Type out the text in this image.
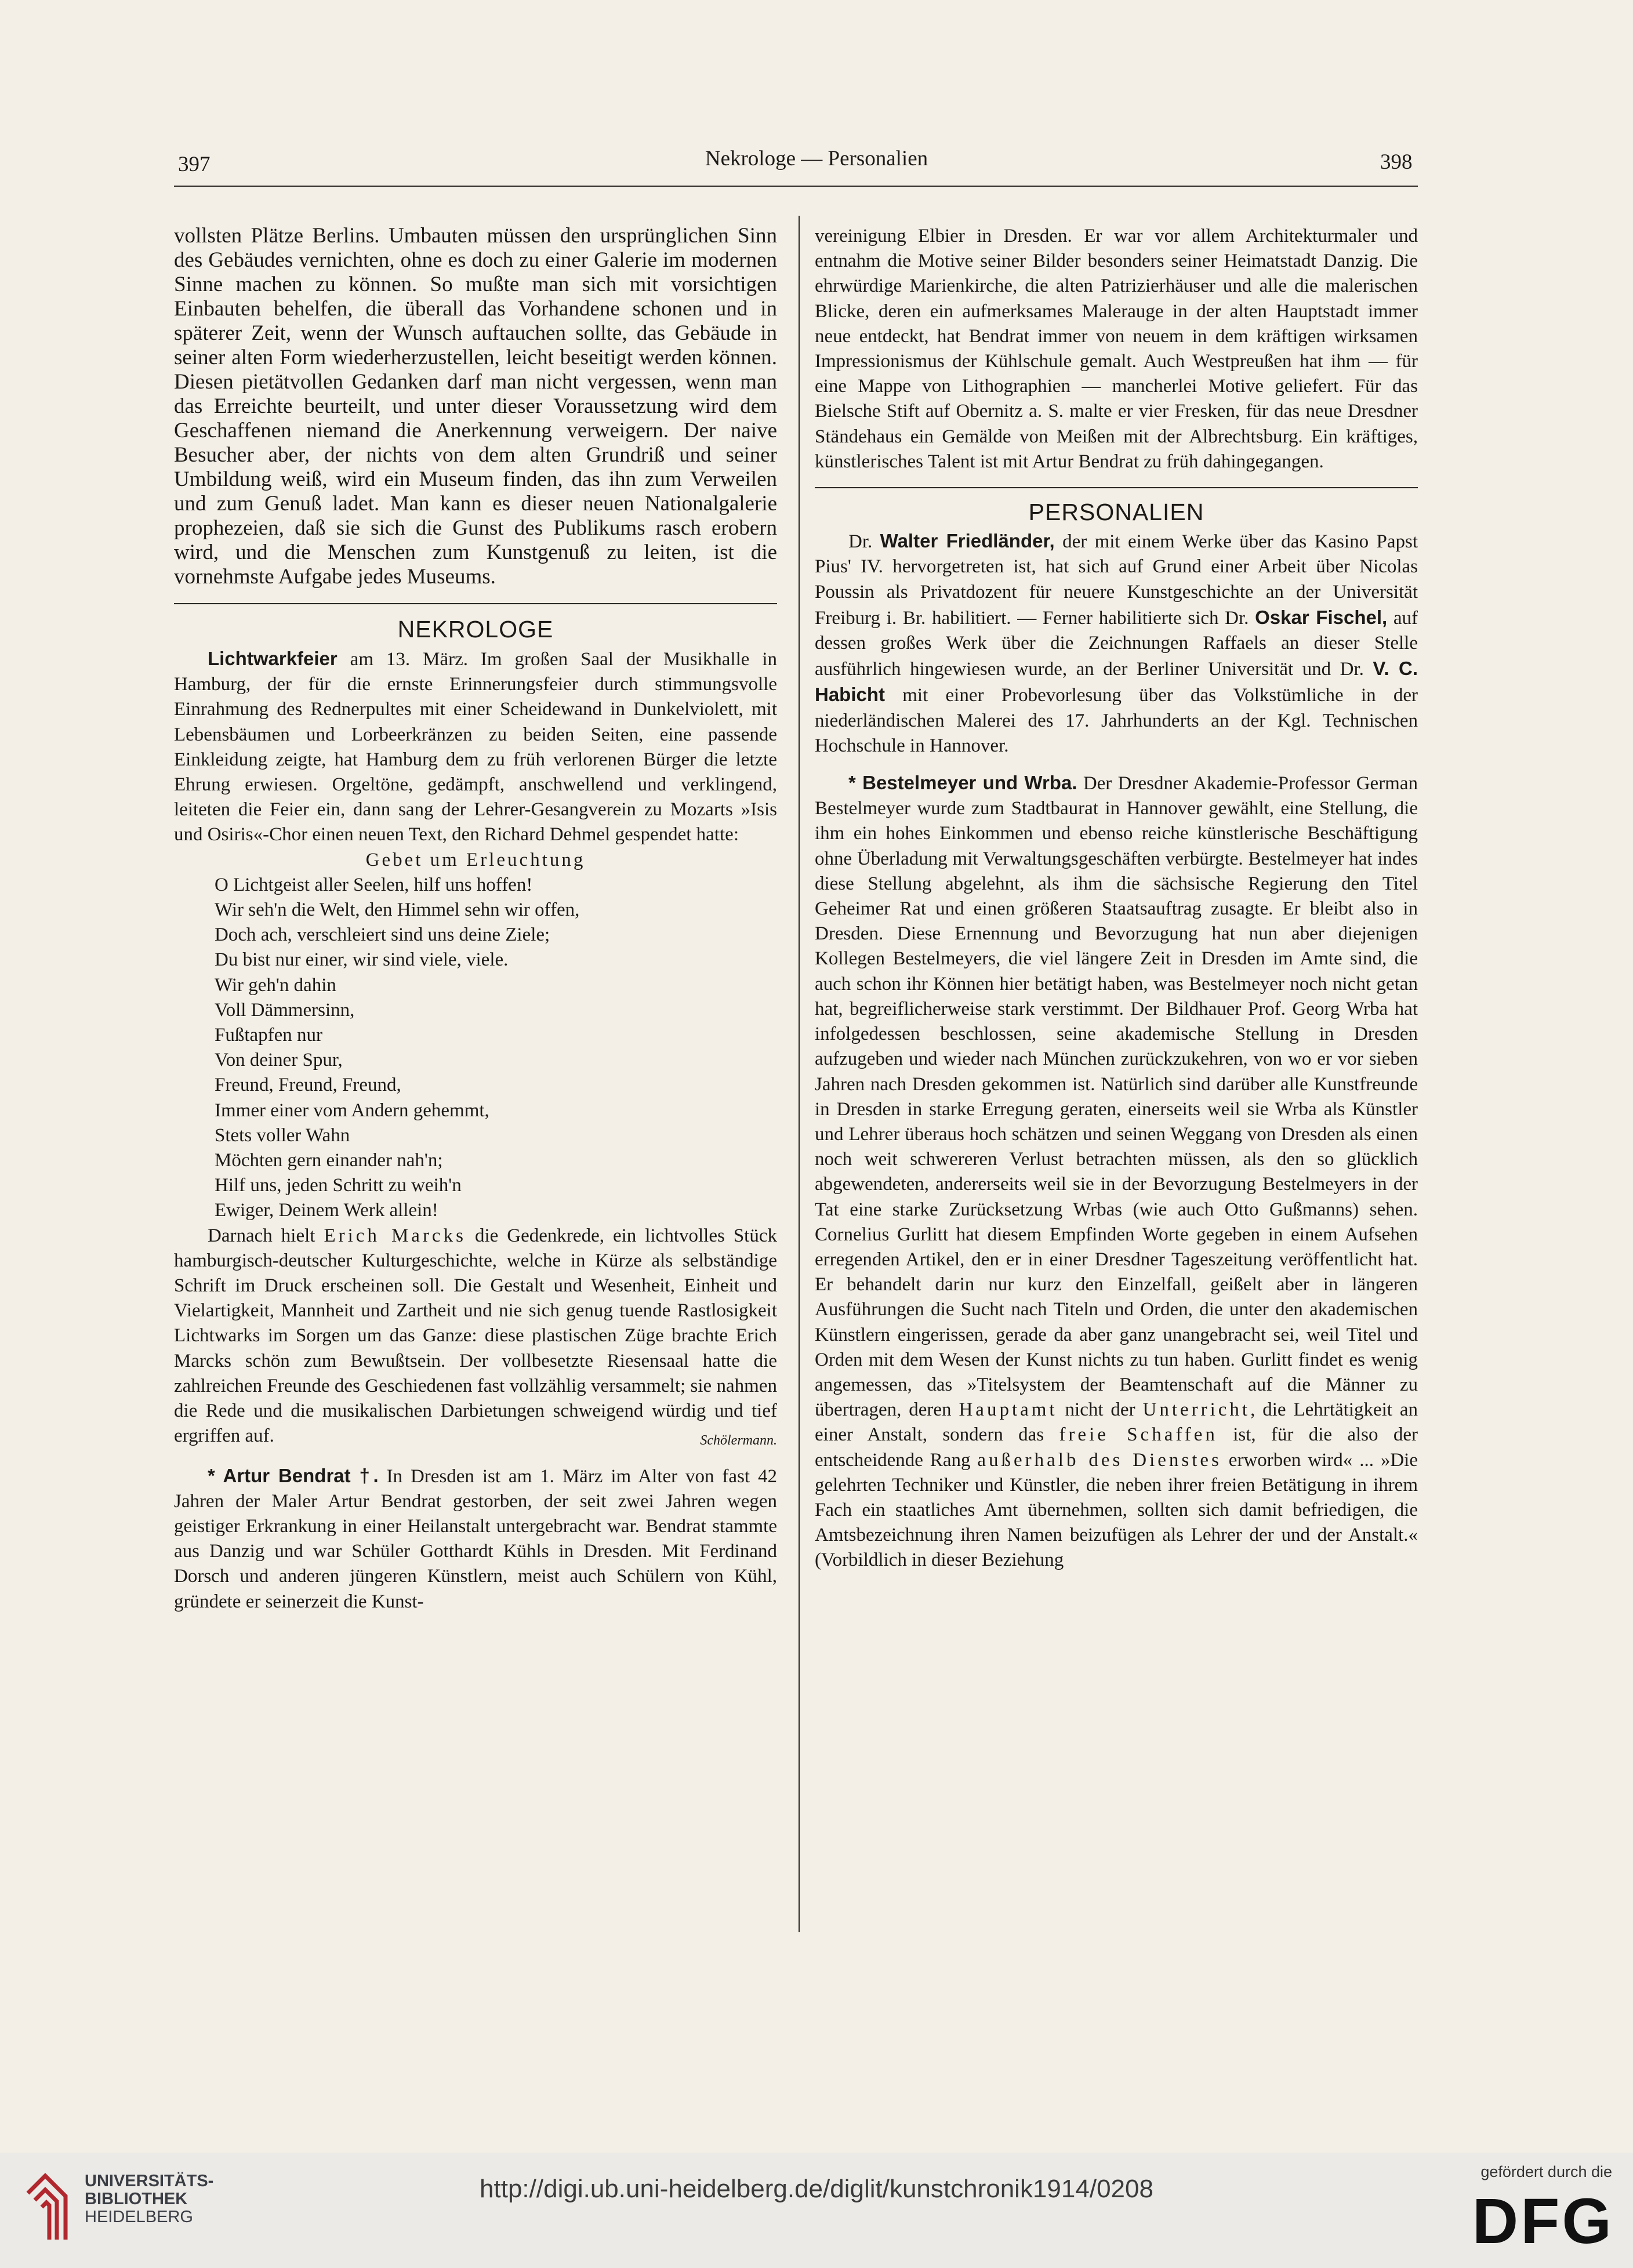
397	Nekrologe — Personalien	398
vollsten Plätze Berlins. Umbauten müssen den ursprünglichen Sinn des Gebäudes vernichten, ohne es doch zu einer Galerie im modernen Sinne machen zu können. So mußte man sich mit vorsichtigen Einbauten behelfen, die überall das Vorhandene schonen und in späterer Zeit, wenn der Wunsch auftauchen sollte, das Gebäude in seiner alten Form wiederherzustellen, leicht beseitigt werden können. Diesen pietätvollen Gedanken darf man nicht vergessen, wenn man das Erreichte beurteilt, und unter dieser Voraussetzung wird dem Geschaffenen niemand die Anerkennung verweigern. Der naive Besucher aber, der nichts von dem alten Grundriß und seiner Umbildung weiß, wird ein Museum finden, das ihn zum Verweilen und zum Genuß ladet. Man kann es dieser neuen Nationalgalerie prophezeien, daß sie sich die Gunst des Publikums rasch erobern wird, und die Menschen zum Kunstgenuß zu leiten, ist die vornehmste Aufgabe jedes Museums.
NEKROLOGE
Lichtwarkfeier am 13. März. Im großen Saal der Musikhalle in Hamburg, der für die ernste Erinnerungsfeier durch stimmungsvolle Einrahmung des Rednerpultes mit einer Scheidewand in Dunkelviolett, mit Lebensbäumen und Lorbeerkränzen zu beiden Seiten, eine passende Einkleidung zeigte, hat Hamburg dem zu früh verlorenen Bürger die letzte Ehrung erwiesen. Orgeltöne, gedämpft, anschwellend und verklingend, leiteten die Feier ein, dann sang der Lehrer-Gesangverein zu Mozarts »Isis und Osiris«-Chor einen neuen Text, den Richard Dehmel gespendet hatte:
Gebet um Erleuchtung
O Lichtgeist aller Seelen, hilf uns hoffen!
Wir seh'n die Welt, den Himmel sehn wir offen,
Doch ach, verschleiert sind uns deine Ziele;
Du bist nur einer, wir sind viele, viele.
Wir geh'n dahin
Voll Dämmersinn,
Fußtapfen nur
Von deiner Spur,
Freund, Freund, Freund,
Immer einer vom Andern gehemmt,
Stets voller Wahn
Möchten gern einander nah'n;
Hilf uns, jeden Schritt zu weih'n
Ewiger, Deinem Werk allein!
Darnach hielt Erich Marcks die Gedenkrede, ein lichtvolles Stück hamburgisch-deutscher Kulturgeschichte, welche in Kürze als selbständige Schrift im Druck erscheinen soll. Die Gestalt und Wesenheit, Einheit und Vielartigkeit, Mannheit und Zartheit und nie sich genug tuende Rastlosigkeit Lichtwarks im Sorgen um das Ganze: diese plastischen Züge brachte Erich Marcks schön zum Bewußtsein. Der vollbesetzte Riesensaal hatte die zahlreichen Freunde des Geschiedenen fast vollzählig versammelt; sie nahmen die Rede und die musikalischen Darbietungen schweigend würdig und tief ergriffen auf.	Schölermann.
* Artur Bendrat †. In Dresden ist am 1. März im Alter von fast 42 Jahren der Maler Artur Bendrat gestorben, der seit zwei Jahren wegen geistiger Erkrankung in einer Heilanstalt untergebracht war. Bendrat stammte aus Danzig und war Schüler Gotthardt Kühls in Dresden. Mit Ferdinand Dorsch und anderen jüngeren Künstlern, meist auch Schülern von Kühl, gründete er seinerzeit die Kunst-
vereinigung Elbier in Dresden. Er war vor allem Architekturmaler und entnahm die Motive seiner Bilder besonders seiner Heimatstadt Danzig. Die ehrwürdige Marienkirche, die alten Patrizierhäuser und alle die malerischen Blicke, deren ein aufmerksames Malerauge in der alten Hauptstadt immer neue entdeckt, hat Bendrat immer von neuem in dem kräftigen wirksamen Impressionismus der Kühlschule gemalt. Auch Westpreußen hat ihm — für eine Mappe von Lithographien — mancherlei Motive geliefert. Für das Bielsche Stift auf Obernitz a. S. malte er vier Fresken, für das neue Dresdner Ständehaus ein Gemälde von Meißen mit der Albrechtsburg. Ein kräftiges, künstlerisches Talent ist mit Artur Bendrat zu früh dahingegangen.
PERSONALIEN
Dr. Walter Friedländer, der mit einem Werke über das Kasino Papst Pius' IV. hervorgetreten ist, hat sich auf Grund einer Arbeit über Nicolas Poussin als Privatdozent für neuere Kunstgeschichte an der Universität Freiburg i. Br. habilitiert. — Ferner habilitierte sich Dr. Oskar Fischel, auf dessen großes Werk über die Zeichnungen Raffaels an dieser Stelle ausführlich hingewiesen wurde, an der Berliner Universität und Dr. V. C. Habicht mit einer Probevorlesung über das Volkstümliche in der niederländischen Malerei des 17. Jahrhunderts an der Kgl. Technischen Hochschule in Hannover.
* Bestelmeyer und Wrba. Der Dresdner Akademie-Professor German Bestelmeyer wurde zum Stadtbaurat in Hannover gewählt, eine Stellung, die ihm ein hohes Einkommen und ebenso reiche künstlerische Beschäftigung ohne Überladung mit Verwaltungsgeschäften verbürgte. Bestelmeyer hat indes diese Stellung abgelehnt, als ihm die sächsische Regierung den Titel Geheimer Rat und einen größeren Staatsauftrag zusagte. Er bleibt also in Dresden. Diese Ernennung und Bevorzugung hat nun aber diejenigen Kollegen Bestelmeyers, die viel längere Zeit in Dresden im Amte sind, die auch schon ihr Können hier betätigt haben, was Bestelmeyer noch nicht getan hat, begreiflicherweise stark verstimmt. Der Bildhauer Prof. Georg Wrba hat infolgedessen beschlossen, seine akademische Stellung in Dresden aufzugeben und wieder nach München zurückzukehren, von wo er vor sieben Jahren nach Dresden gekommen ist. Natürlich sind darüber alle Kunstfreunde in Dresden in starke Erregung geraten, einerseits weil sie Wrba als Künstler und Lehrer überaus hoch schätzen und seinen Weggang von Dresden als einen noch weit schwereren Verlust betrachten müssen, als den so glücklich abgewendeten, andererseits weil sie in der Bevorzugung Bestelmeyers in der Tat eine starke Zurücksetzung Wrbas (wie auch Otto Gußmanns) sehen. Cornelius Gurlitt hat diesem Empfinden Worte gegeben in einem Aufsehen erregenden Artikel, den er in einer Dresdner Tageszeitung veröffentlicht hat. Er behandelt darin nur kurz den Einzelfall, geißelt aber in längeren Ausführungen die Sucht nach Titeln und Orden, die unter den akademischen Künstlern eingerissen, gerade da aber ganz unangebracht sei, weil Titel und Orden mit dem Wesen der Kunst nichts zu tun haben. Gurlitt findet es wenig angemessen, das »Titelsystem der Beamtenschaft auf die Männer zu übertragen, deren Hauptamt nicht der Unterricht, die Lehrtätigkeit an einer Anstalt, sondern das freie Schaffen ist, für die also der entscheidende Rang außerhalb des Dienstes erworben wird« ... »Die gelehrten Techniker und Künstler, die neben ihrer freien Betätigung in ihrem Fach ein staatliches Amt übernehmen, sollten sich damit befriedigen, die Amtsbezeichnung ihren Namen beizufügen als Lehrer der und der Anstalt.« (Vorbildlich in dieser Beziehung
UNIVERSITÄTS-
BIBLIOTHEK
HEIDELBERG
http://digi.ub.uni-heidelberg.de/diglit/kunstchronik1914/0208
gefördert durch die
DFG
